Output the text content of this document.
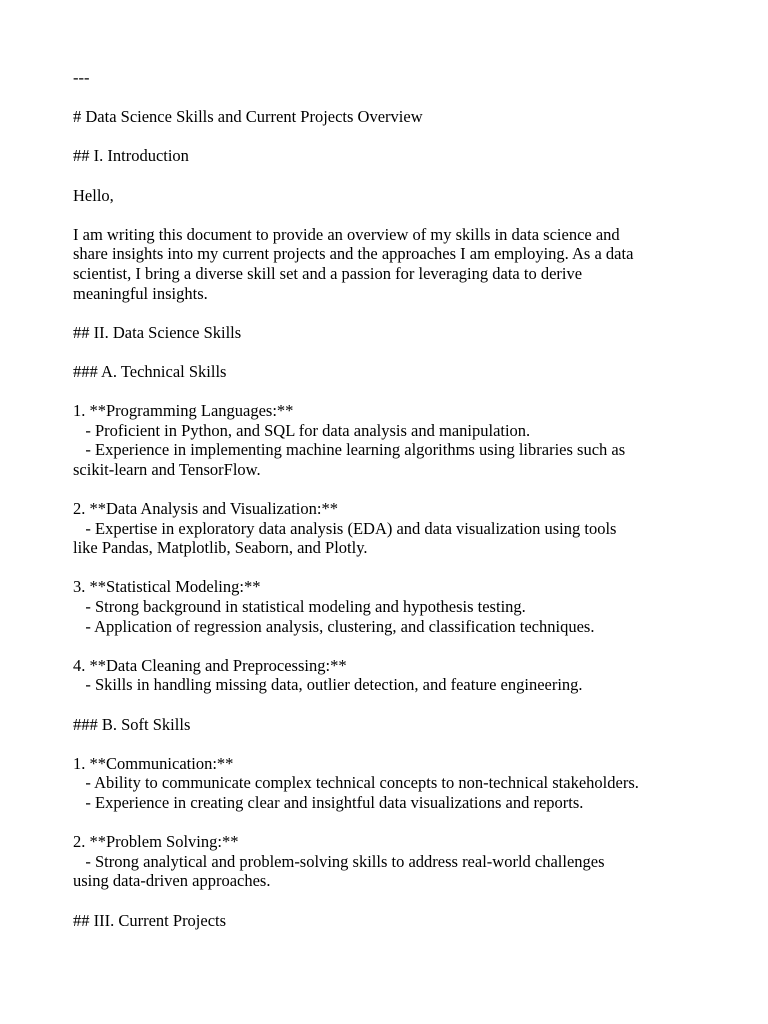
---
# Data Science Skills and Current Projects Overview
## I. Introduction
Hello,
I am writing this document to provide an overview of my skills in data science and
share insights into my current projects and the approaches I am employing. As a data
scientist, I bring a diverse skill set and a passion for leveraging data to derive
meaningful insights.
## II. Data Science Skills
### A. Technical Skills
1. **Programming Languages:**
- Proficient in Python, and SQL for data analysis and manipulation.
- Experience in implementing machine learning algorithms using libraries such as
scikit-learn and TensorFlow.
2. **Data Analysis and Visualization:**
- Expertise in exploratory data analysis (EDA) and data visualization using tools
like Pandas, Matplotlib, Seaborn, and Plotly.
3. **Statistical Modeling:**
- Strong background in statistical modeling and hypothesis testing.
- Application of regression analysis, clustering, and classification techniques.
4. **Data Cleaning and Preprocessing:**
- Skills in handling missing data, outlier detection, and feature engineering.
### B. Soft Skills
1. **Communication:**
- Ability to communicate complex technical concepts to non-technical stakeholders.
- Experience in creating clear and insightful data visualizations and reports.
2. **Problem Solving:**
- Strong analytical and problem-solving skills to address real-world challenges
using data-driven approaches.
## III. Current Projects
